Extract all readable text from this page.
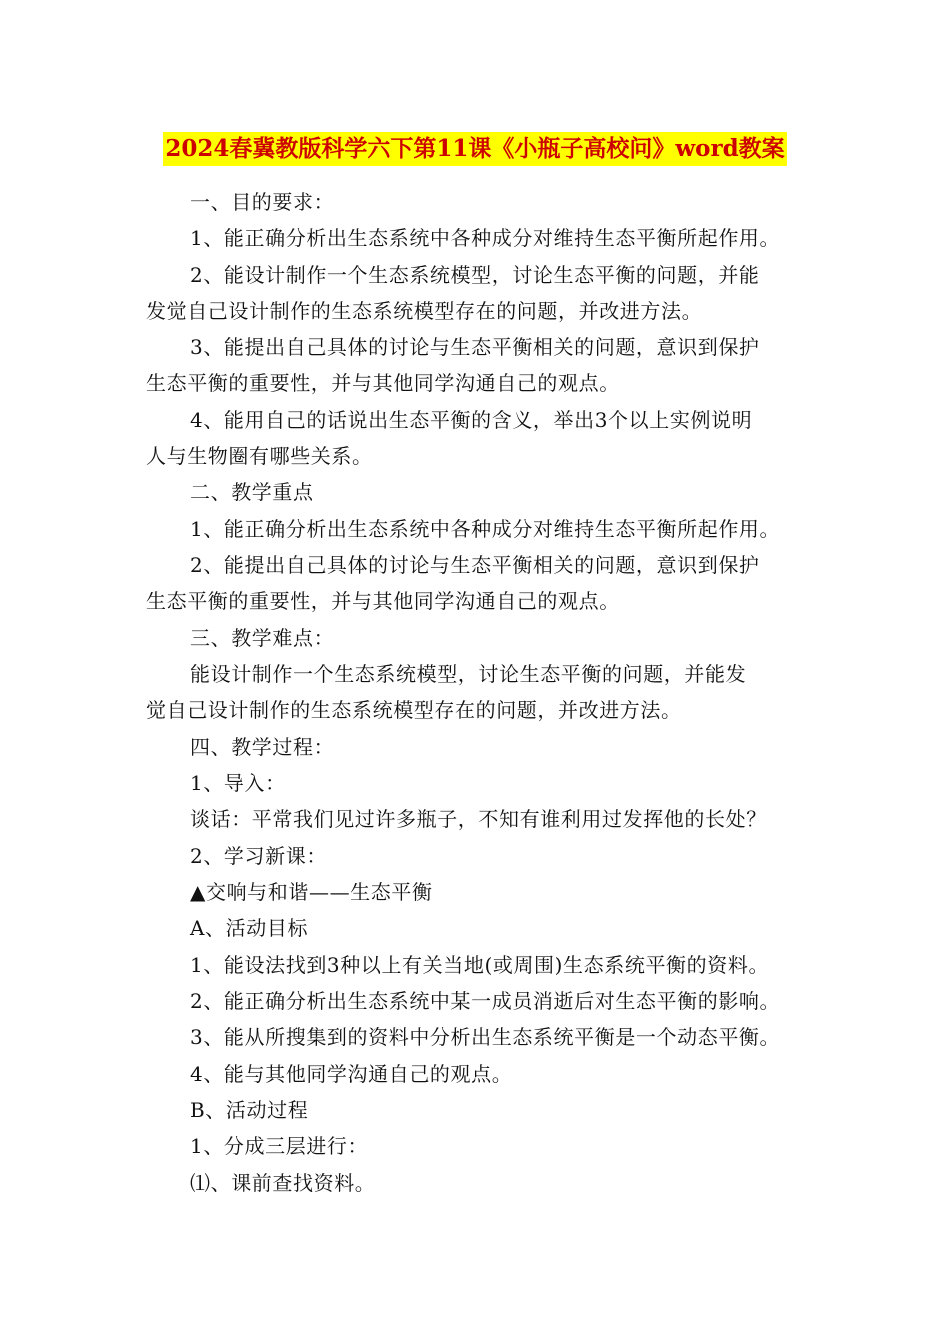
2024春冀教版科学六下第11课《小瓶子高校问》word教案
一、目的要求：
1、能正确分析出生态系统中各种成分对维持生态平衡所起作用。
2、能设计制作一个生态系统模型，讨论生态平衡的问题，并能
发觉自己设计制作的生态系统模型存在的问题，并改进方法。
3、能提出自己具体的讨论与生态平衡相关的问题，意识到保护
生态平衡的重要性，并与其他同学沟通自己的观点。
4、能用自己的话说出生态平衡的含义，举出3个以上实例说明
人与生物圈有哪些关系。
二、教学重点
1、能正确分析出生态系统中各种成分对维持生态平衡所起作用。
2、能提出自己具体的讨论与生态平衡相关的问题，意识到保护
生态平衡的重要性，并与其他同学沟通自己的观点。
三、教学难点：
能设计制作一个生态系统模型，讨论生态平衡的问题，并能发
觉自己设计制作的生态系统模型存在的问题，并改进方法。
四、教学过程：
1、导入：
谈话：平常我们见过许多瓶子，不知有谁利用过发挥他的长处？
2、学习新课：
▲交响与和谐——生态平衡
A、活动目标
1、能设法找到3种以上有关当地(或周围)生态系统平衡的资料。
2、能正确分析出生态系统中某一成员消逝后对生态平衡的影响。
3、能从所搜集到的资料中分析出生态系统平衡是一个动态平衡。
4、能与其他同学沟通自己的观点。
B、活动过程
1、分成三层进行：
⑴、课前查找资料。
